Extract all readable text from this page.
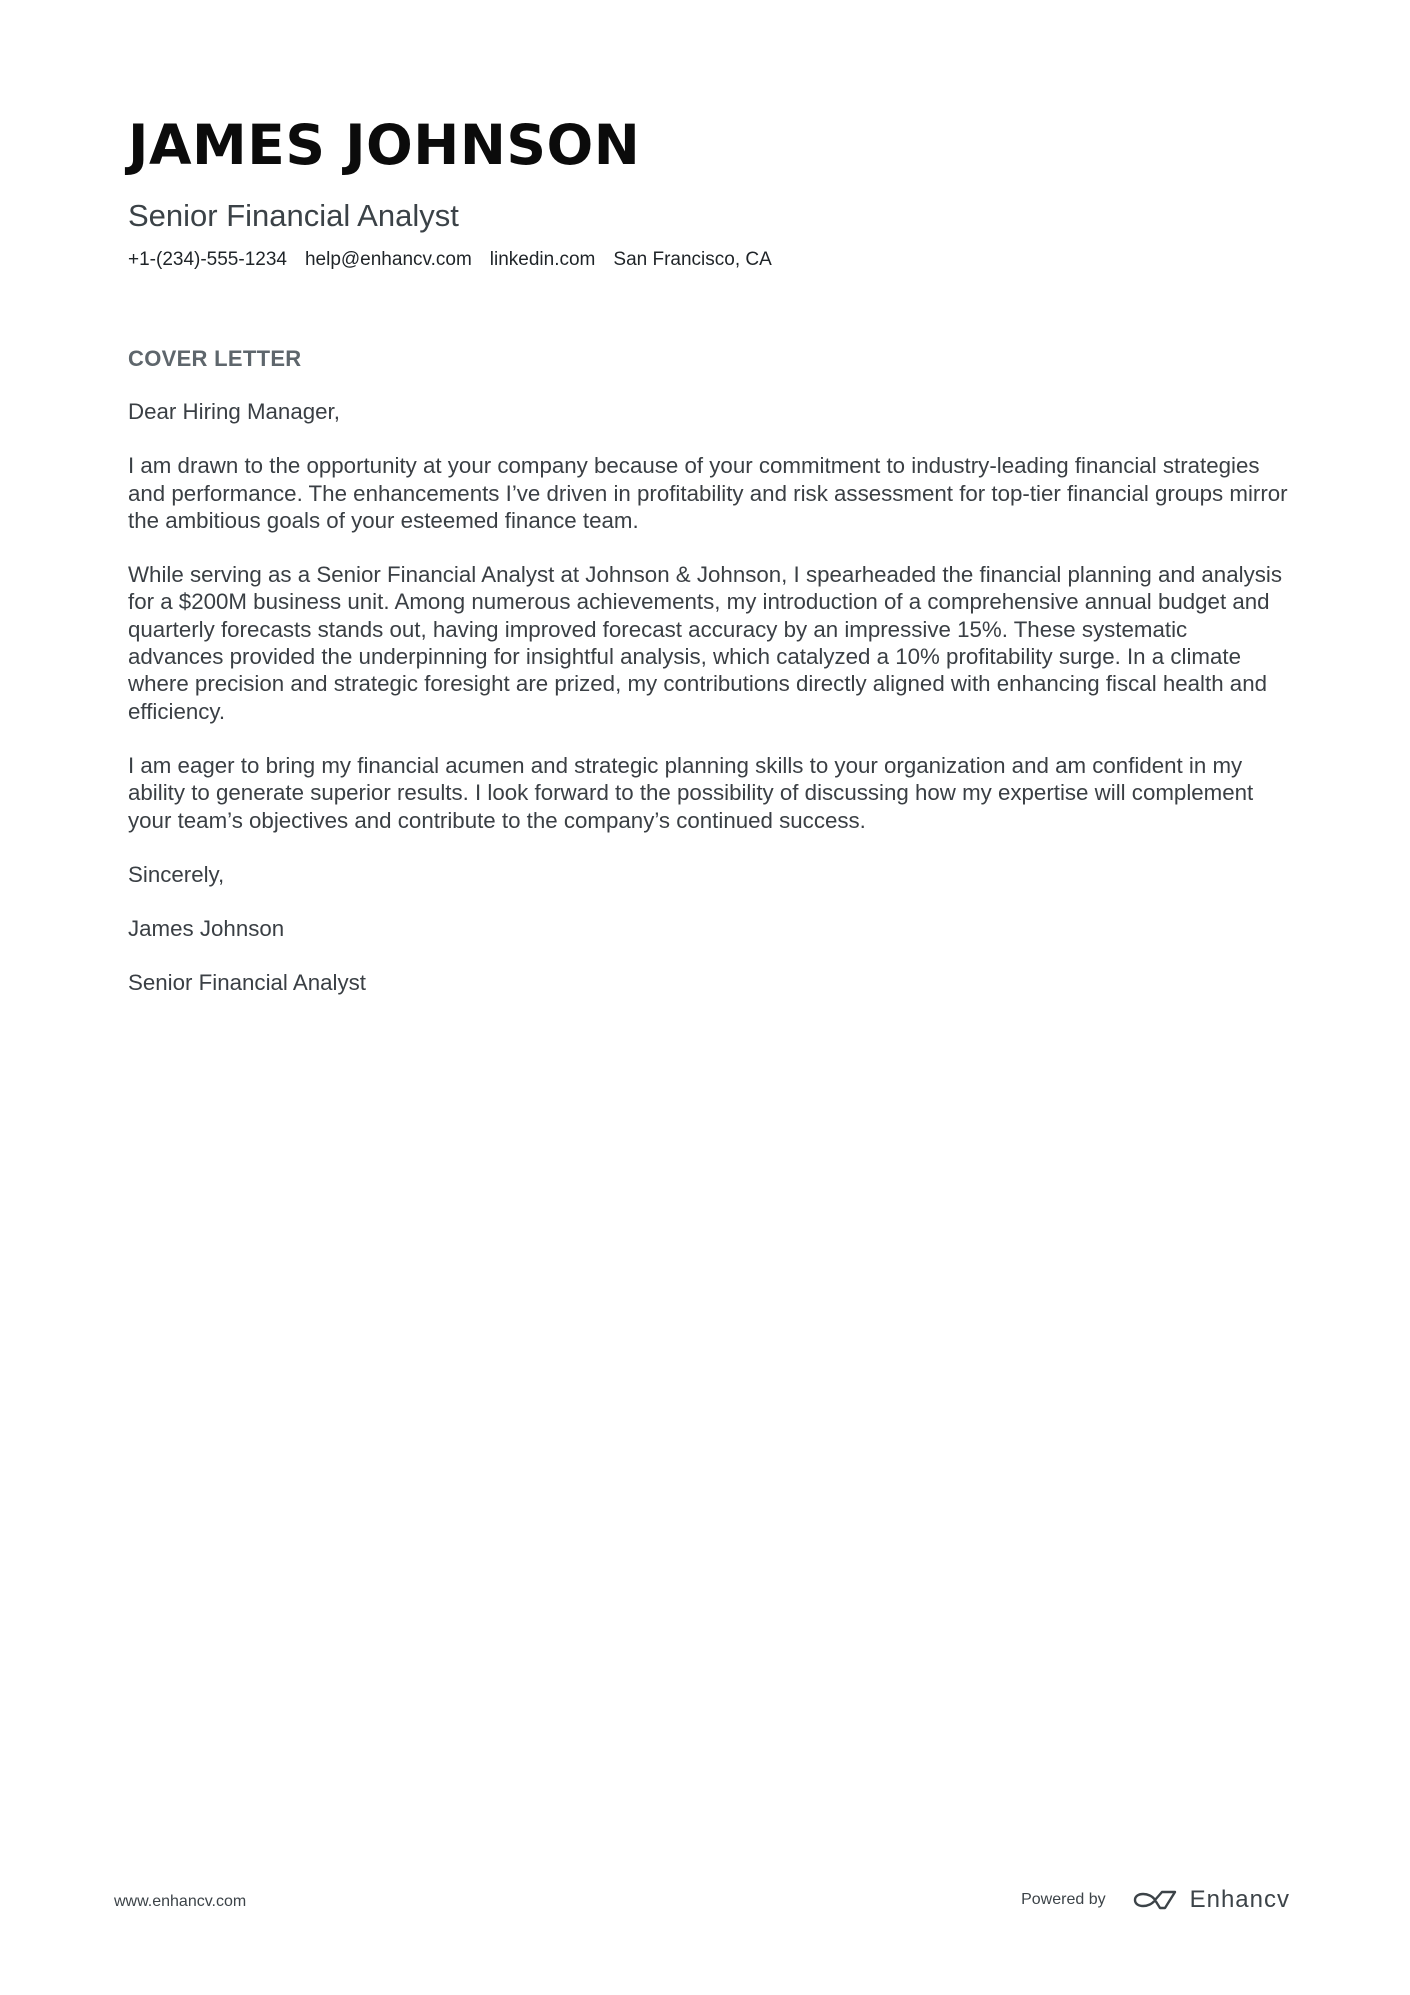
JAMES JOHNSON
Senior Financial Analyst
+1-(234)-555-1234 help@enhancv.com linkedin.com San Francisco, CA
COVER LETTER

Dear Hiring Manager,

I am drawn to the opportunity at your company because of your commitment to industry-leading financial strategies and performance. The enhancements I’ve driven in profitability and risk assessment for top-tier financial groups mirror the ambitious goals of your esteemed finance team.

While serving as a Senior Financial Analyst at Johnson & Johnson, I spearheaded the financial planning and analysis for a $200M business unit. Among numerous achievements, my introduction of a comprehensive annual budget and quarterly forecasts stands out, having improved forecast accuracy by an impressive 15%. These systematic advances provided the underpinning for insightful analysis, which catalyzed a 10% profitability surge. In a climate where precision and strategic foresight are prized, my contributions directly aligned with enhancing fiscal health and efficiency.

I am eager to bring my financial acumen and strategic planning skills to your organization and am confident in my ability to generate superior results. I look forward to the possibility of discussing how my expertise will complement your team’s objectives and contribute to the company’s continued success.

Sincerely,

James Johnson

Senior Financial Analyst

www.enhancv.com	Powered by	Enhancv
